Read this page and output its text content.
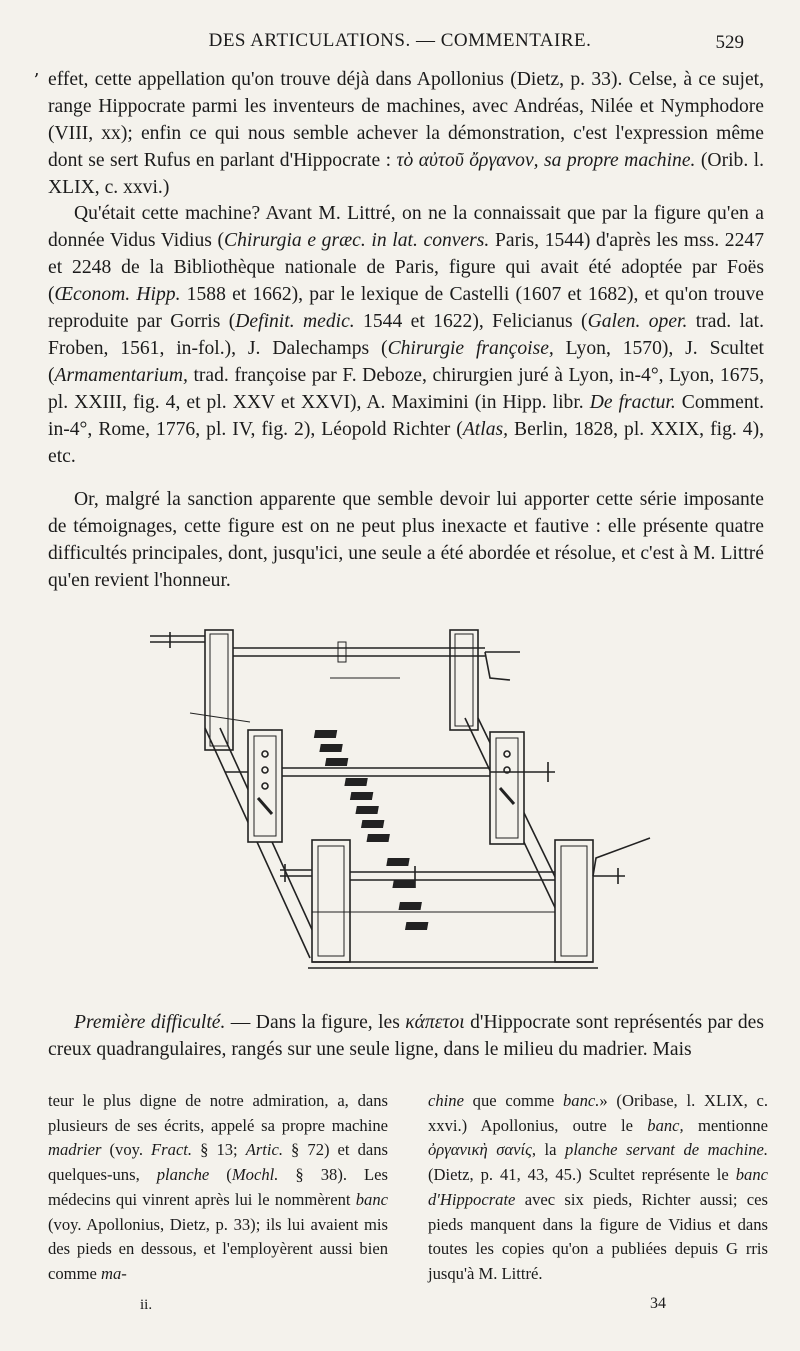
DES ARTICULATIONS. — COMMENTAIRE.	529
ʼ effet, cette appellation qu'on trouve déjà dans Apollonius (Dietz, p. 33). Celse, à ce sujet, range Hippocrate parmi les inventeurs de machines, avec Andréas, Nilée et Nymphodore (VIII, xx); enfin ce qui nous semble achever la démonstration, c'est l'expression même dont se sert Rufus en parlant d'Hippocrate : τὸ αὐτοῦ ὄργανον, sa propre machine. (Orib. l. XLIX, c. xxvi.)

Qu'était cette machine? Avant M. Littré, on ne la connaissait que par la figure qu'en a donnée Vidus Vidius (Chirurgia e græc. in lat. convers. Paris, 1544) d'après les mss. 2247 et 2248 de la Bibliothèque nationale de Paris, figure qui avait été adoptée par Foës (Œconom. Hipp. 1588 et 1662), par le lexique de Castelli (1607 et 1682), et qu'on trouve reproduite par Gorris (Definit. medic. 1544 et 1622), Felicianus (Galen. oper. trad. lat. Froben, 1561, in-fol.), J. Dalechamps (Chirurgie françoise, Lyon, 1570), J. Scultet (Armamentarium, trad. françoise par F. Deboze, chirurgien juré à Lyon, in-4°, Lyon, 1675, pl. XXIII, fig. 4, et pl. XXV et XXVI), A. Maximini (in Hipp. libr. De fractur. Comment. in-4°, Rome, 1776, pl. IV, fig. 2), Léopold Richter (Atlas, Berlin, 1828, pl. XXIX, fig. 4), etc.

Or, malgré la sanction apparente que semble devoir lui apporter cette série imposante de témoignages, cette figure est on ne peut plus inexacte et fautive : elle présente quatre difficultés principales, dont, jusqu'ici, une seule a été abordée et résolue, et c'est à M. Littré qu'en revient l'honneur.

Première difficulté. — Dans la figure, les κάπετοι d'Hippocrate sont représentés par des creux quadrangulaires, rangés sur une seule ligne, dans le milieu du madrier. Mais

teur le plus digne de notre admiration, a, dans plusieurs de ses écrits, appelé sa propre machine madrier (voy. Fract. § 13; Artic. § 72) et dans quelques-uns, planche (Mochl. § 38). Les médecins qui vinrent après lui le nommèrent banc (voy. Apollonius, Dietz, p. 33); ils lui avaient mis des pieds en dessous, et l'employèrent aussi bien comme ma-

chine que comme banc.» (Oribase, l. XLIX, c. xxvi.) Apollonius, outre le banc, mentionne ὀργανικὴ σανίς, la planche servant de machine. (Dietz, p. 41, 43, 45.) Scultet représente le banc d'Hippocrate avec six pieds, Richter aussi; ces pieds manquent dans la figure de Vidius et dans toutes les copies qu'on a publiées depuis G rris jusqu'à M. Littré.

ii.	34
